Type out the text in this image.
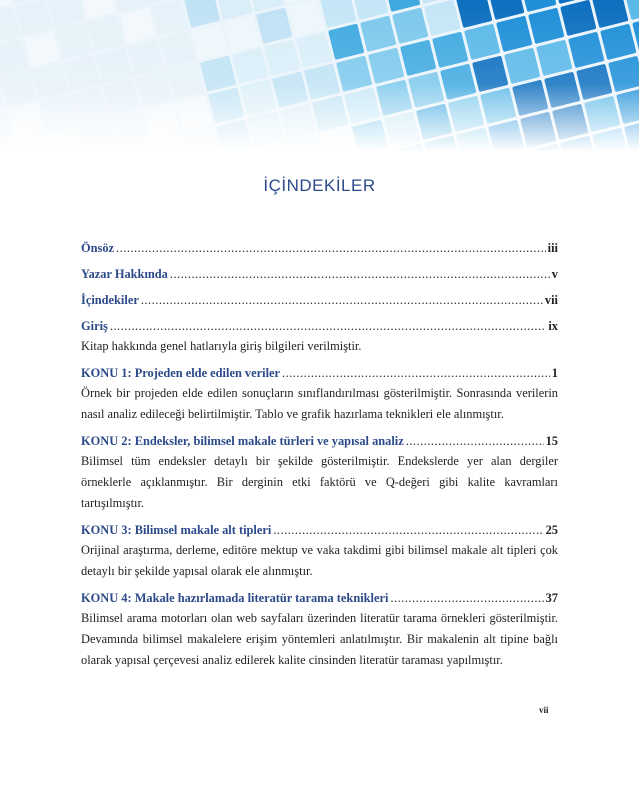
İÇİNDEKİLER
Önsöz .....	iii
Yazar Hakkında .....	v
İçindekiler .....	vii
Giriş .....	ix

Kitap hakkında genel hatlarıyla giriş bilgileri verilmiştir.

KONU 1: Projeden elde edilen veriler .....	1

Örnek bir projeden elde edilen sonuçların sınıflandırılması gösterilmiştir. Sonrasında verilerin nasıl analiz edileceği belirtilmiştir. Tablo ve grafik hazırlama teknikleri ele alınmıştır.

KONU 2: Endeksler, bilimsel makale türleri ve yapısal analiz .....	15

Bilimsel tüm endeksler detaylı bir şekilde gösterilmiştir. Endekslerde yer alan dergiler örneklerle açıklanmıştır. Bir derginin etki faktörü ve Q-değeri gibi kalite kavramları tartışılmıştır.

KONU 3: Bilimsel makale alt tipleri .....	25

Orijinal araştırma, derleme, editöre mektup ve vaka takdimi gibi bilimsel makale alt tipleri çok detaylı bir şekilde yapısal olarak ele alınmıştır.

KONU 4: Makale hazırlamada literatür tarama teknikleri .....	37

Bilimsel arama motorları olan web sayfaları üzerinden literatür tarama örnekleri gösterilmiştir. Devamında bilimsel makalelere erişim yöntemleri anlatılmıştır. Bir makalenin alt tipine bağlı olarak yapısal çerçevesi analiz edilerek kalite cinsinden literatür taraması yapılmıştır.

vii
